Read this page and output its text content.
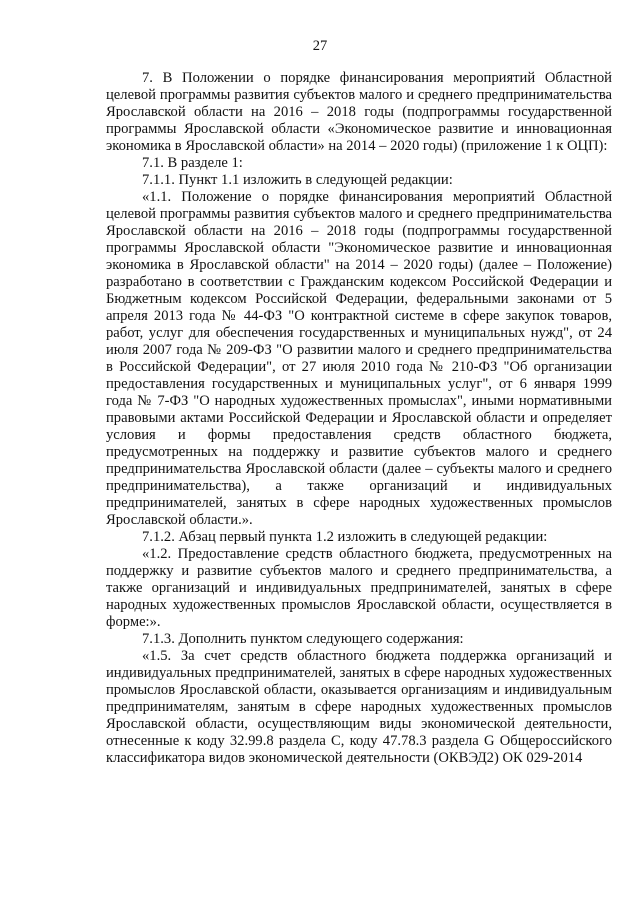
27

7. В Положении о порядке финансирования мероприятий Областной целевой программы развития субъектов малого и среднего предпринимательства Ярославской области на 2016 – 2018 годы (подпрограммы государственной программы Ярославской области «Экономическое развитие и инновационная экономика в Ярославской области» на 2014 – 2020 годы) (приложение 1 к ОЦП):

7.1. В разделе 1:

7.1.1. Пункт 1.1 изложить в следующей редакции:

«1.1. Положение о порядке финансирования мероприятий Областной целевой программы развития субъектов малого и среднего предпринимательства Ярославской области на 2016 – 2018 годы (подпрограммы государственной программы Ярославской области "Экономическое развитие и инновационная экономика в Ярославской области" на 2014 – 2020 годы) (далее – Положение) разработано в соответствии с Гражданским кодексом Российской Федерации и Бюджетным кодексом Российской Федерации, федеральными законами от 5 апреля 2013 года № 44-ФЗ "О контрактной системе в сфере закупок товаров, работ, услуг для обеспечения государственных и муниципальных нужд", от 24 июля 2007 года № 209-ФЗ "О развитии малого и среднего предпринимательства в Российской Федерации", от 27 июля 2010 года № 210-ФЗ "Об организации предоставления государственных и муниципальных услуг", от 6 января 1999 года № 7-ФЗ "О народных художественных промыслах", иными нормативными правовыми актами Российской Федерации и Ярославской области и определяет условия и формы предоставления средств областного бюджета, предусмотренных на поддержку и развитие субъектов малого и среднего предпринимательства Ярославской области (далее – субъекты малого и среднего предпринимательства), а также организаций и индивидуальных предпринимателей, занятых в сфере народных художественных промыслов Ярославской области.».

7.1.2. Абзац первый пункта 1.2 изложить в следующей редакции:

«1.2. Предоставление средств областного бюджета, предусмотренных на поддержку и развитие субъектов малого и среднего предпринимательства, а также организаций и индивидуальных предпринимателей, занятых в сфере народных художественных промыслов Ярославской области, осуществляется в форме:».

7.1.3. Дополнить пунктом следующего содержания:

«1.5. За счет средств областного бюджета поддержка организаций и индивидуальных предпринимателей, занятых в сфере народных художественных промыслов Ярославской области, оказывается организациям и индивидуальным предпринимателям, занятым в сфере народных художественных промыслов Ярославской области, осуществляющим виды экономической деятельности, отнесенные к коду 32.99.8 раздела C, коду 47.78.3 раздела G Общероссийского классификатора видов экономической деятельности (ОКВЭД2) ОК 029-2014
